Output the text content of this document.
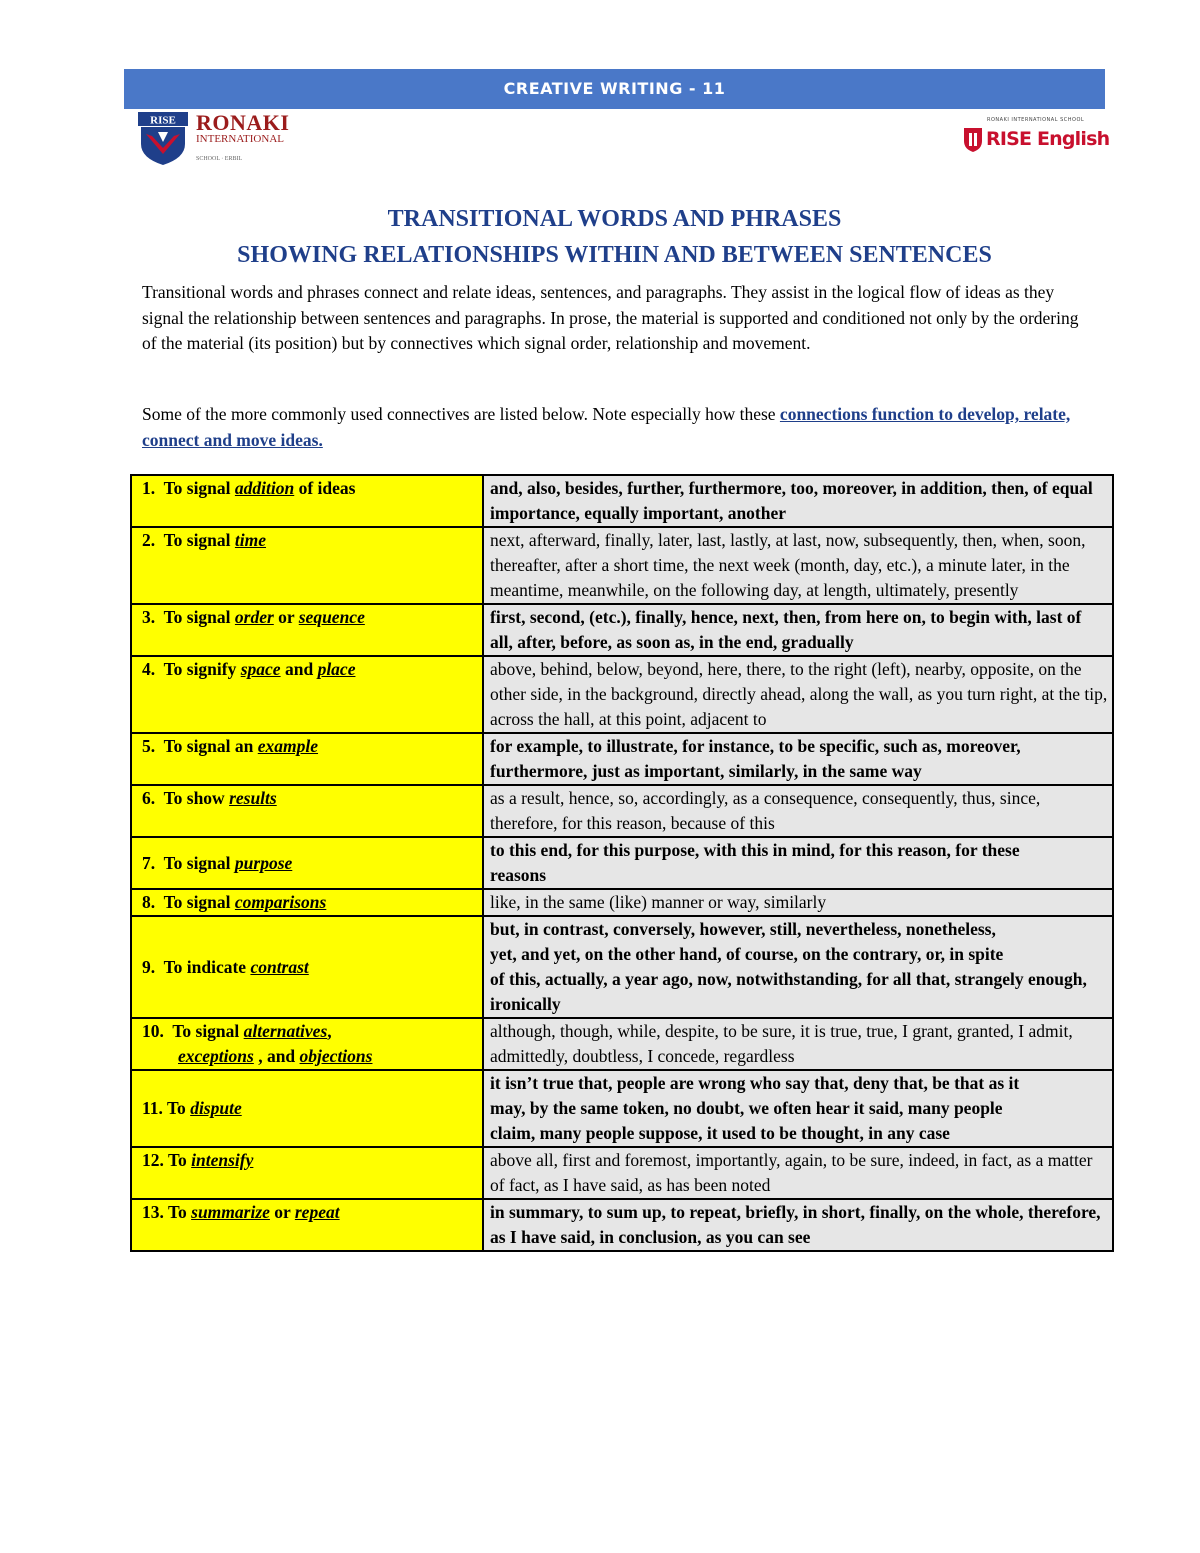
CREATIVE WRITING - 11
RISE RONAKI
INTERNATIONAL
SCHOOL · ERBIL
RONAKI INTERNATIONAL SCHOOL
RISE English
TRANSITIONAL WORDS AND PHRASES
SHOWING RELATIONSHIPS WITHIN AND BETWEEN SENTENCES
Transitional words and phrases connect and relate ideas, sentences, and paragraphs. They assist in the logical flow of ideas as they signal the relationship between sentences and paragraphs. In prose, the material is supported and conditioned not only by the ordering of the material (its position) but by connectives which signal order, relationship and movement.
Some of the more commonly used connectives are listed below. Note especially how these connections function to develop, relate, connect and move ideas.
1. To signal addition of ideas	and, also, besides, further, furthermore, too, moreover, in addition, then, of equal importance, equally important, another
2. To signal time	next, afterward, finally, later, last, lastly, at last, now, subsequently, then, when, soon, thereafter, after a short time, the next week (month, day, etc.), a minute later, in the meantime, meanwhile, on the following day, at length, ultimately, presently
3. To signal order or sequence	first, second, (etc.), finally, hence, next, then, from here on, to begin with, last of all, after, before, as soon as, in the end, gradually
4. To signify space and place	above, behind, below, beyond, here, there, to the right (left), nearby, opposite, on the other side, in the background, directly ahead, along the wall, as you turn right, at the tip, across the hall, at this point, adjacent to
5. To signal an example	for example, to illustrate, for instance, to be specific, such as, moreover, furthermore, just as important, similarly, in the same way
6. To show results	as a result, hence, so, accordingly, as a consequence, consequently, thus, since, therefore, for this reason, because of this
7. To signal purpose	to this end, for this purpose, with this in mind, for this reason, for these
reasons
8. To signal comparisons	like, in the same (like) manner or way, similarly
9. To indicate contrast	but, in contrast, conversely, however, still, nevertheless, nonetheless,
yet, and yet, on the other hand, of course, on the contrary, or, in spite
of this, actually, a year ago, now, notwithstanding, for all that, strangely enough, ironically

10. To signal alternatives,
exceptions , and objections	although, though, while, despite, to be sure, it is true, true, I grant, granted, I admit, admittedly, doubtless, I concede, regardless
11. To dispute	it isn’t true that, people are wrong who say that, deny that, be that as it
may, by the same token, no doubt, we often hear it said, many people
claim, many people suppose, it used to be thought, in any case
12. To intensify	above all, first and foremost, importantly, again, to be sure, indeed, in fact, as a matter of fact, as I have said, as has been noted
13. To summarize or repeat	in summary, to sum up, to repeat, briefly, in short, finally, on the whole, therefore, as I have said, in conclusion, as you can see
